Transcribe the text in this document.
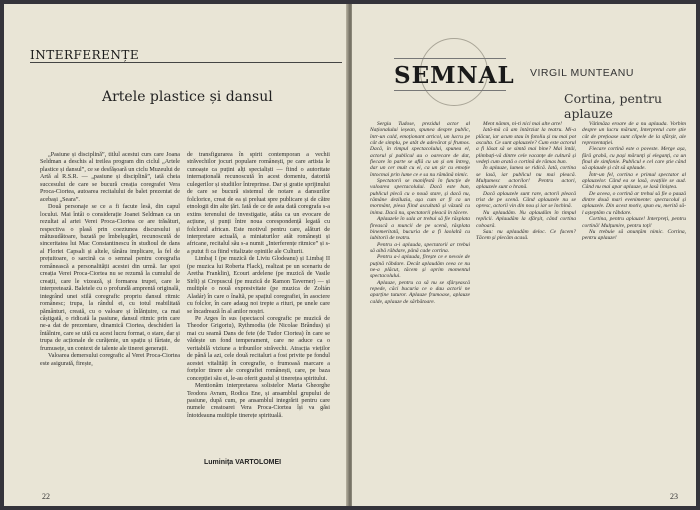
INTERFERENȚE
Artele plastice și dansul

„Pasiune și disciplină”, titlul acestui curs care Joana Seldman a deschis al treilea program din ciclul „Artele plastice și dansul”, ce se desfășoară un ciclu Muzeului de Artă al R.S.R. — „pasiune și disciplină”, iată cheia succesului de care se bucură creația coregrafei Vera Proca-Ciortea, autoarea recitalului de balet prezentat de acebași „Seara”.

Două personaje se ce a fi facute lesă, din capul locului. Mai întâi o considerație Joanei Seldman ca un rezultat al artei Verei Proca-Ciortea ce are trăsături, respectiva o plasă prin coeziunea discursului și mătusudătoare, bazată pe îmbelșugări, recunoscută de sinceritatea lui Mac Constantinescu în studioul de dans al Floriei Capsali și altele, tânăra implicare, la fel de prețuitoare, o sarcină ca o semnal pentru coregrafia românească a personalității acestei din urmă. Iar spoi creația Verei Proca-Ciortea nu se rezumă la cumulul de creații, care le vizează, și formarea trupei, care le interpretează. Baletele cu o profundă amprentă originală, integrând unei stilă coregrafic propriu dansul ritmic românesc; trupa, la rândul ei, cu totul reabilitată pământuri, creată, cu o valoare și înlănțuire, ca mai câștigată, o ridicată la pasiune, dansul ritmic prin care ne-a dat de prezentare, dinamică Ciortea, deschideri la întâlnire, care se uită cu acest lucru format, o stare, dar și trupa de acționale de curățenie, un spațiu și fârtate, de frumusețe, un context de talente ale tinerei generații.

Valoarea demersului coregrafic al Verei Proca-Ciortea este asigurată, firește,

de transfigurarea în spirit contemporan a vechii străvechilor jocuri populare românești, pe care artista le cunoaște ca puțini alți specialiști — fiind o autoritate internațională recunoscută în acest domeniu, datorită culegerilor și studiilor întreprinse. Dar și gratie sprijinului de care se bucură sistemul de notare a dansurilor folclorice, creat de ea și preluat spre publicare și de către etnologii din alte țări. Iată de ce de asta dată coregrafa s-a extins terenului de investigatie, atâta ca un evocare de acțiune, și punți între noua corespondență legată cu folclorul african. Este motivul pentru care, alături de interpretare actuală, a miniaturilor atât românești și africane, recitalul său s-a numit „Interferențe ritmice” și s-a putut fi ca fiind vitalizate opiniile ale Culturii.

Limbaj I (pe muzică de Liviu Glodeanu) și Limbaj II (pe muzica lui Roberta Flack), realizat pe un scenariu de Aretha Franklin), Ecouri ardelene (pe muzică de Vasile Sirli) și Crepuscul (pe muzică de Ramon Taverner) — și multiple o nouă expresivitate (pe muzica de Zoltán Aladár) în care o înaltă, pe spațiul coregrafiei, în asociere cu folclor, în care adaug noi trepte a rituri, pe unele care se încadrează în al anilor noștri.

Pe Arges în sus (spectacol coregrafic pe muzică de Theodor Grigoriu), Rythmodia (de Nicolae Brândus) și mai cu seamă Dans de fete (de Tudor Ciortea) în care se vădește un fond temperament, care ne aduce ca o veritabilă viziune a tribunilor străvechi. Atracția vieților de până la azi, cele două recitaluri a fost privite pe fondul acestei vitalități în coregrafie, o frumoasă marcare a forțelor tinere ale coregrafiei românești, care, pe baza concepției său ei, le-au oferit gustul și tinerețea spiritului.

Mentionăm interpretarea solistelor Maria Gheorghe Teodora Avram, Rodica Ene, și ansamblul grupului de pasiune, după cum, pe ansamblul integrării pentru care numele creatoarei Vera Proca-Ciortea își va găsi întotdeauna multiple tinerețe spirituală.

Luminița VARTOLOMEI
22
SEMNAL VIRGIL MUNTEANU
Cortina, pentru aplauze

Sergiu Tudose, prezidul actor al Naționalului ieșean, spunea despre public, într-un cald, emoționant articol, un lucru pe cât de simplu, pe atât de adevărat și frumos. Dacă, în timpul spectacolului, spunea el, actorul și publicul au o oarecare de dat, fiecare în parte se află cu un și om întreg, dar un cer mult cu ei, ca un șir cu emoție întocmai prin lume ce e sa nu rămână nimic.

Spectatorii se manifestă în funcție de valoarea spectacolului. Dacă este bun, publicul plecă cu o nouă stare, și dacă nu, rămâne deziluzia, așa cum ar fi ca un mormânt, piesa fiind ascultată și văzută cu inima. Dacă nu, spectatorii pleacă în tăcere.

Aplauzele în sala ar trebui să fie răsplata firească a muncii de pe scenă, răsplata binemeritată, bucuria de a fi laolaltă cu iubitorii de teatru.

Pentru a-i aplauda, spectatorii ar trebui să aibă răbdare, până cade cortina.

Pentru a-i aplauda, firește ce e nevoie de puțină răbdare. Decât aplaudăm ceea ce nu ne-a plăcut, tăcem și oprim momentul spectacolului.

Aplauze, pentru ca să nu se sfârșească repede, căci bucuria ce o dau actorii ne aparține tuturor. Aplauze frumoase, aplauze calde, aplauze de sărbătoare.

Ment nămm, ni-ti nici mai alte arte!

Iată-mă că am întârziat la teatru. Mi-a plăcut, iar acum stau în fotoliu și nu mai pot asculta. Ce sunt aplauzele? Cum este actorul a fi lăsat să se simtă mai bine? Mai întâi, plimbați-vă dintre cele vacanțe de cultură și vedeți cum arată o cortină de rămas bun.

În aplauze, lumea se ridică. Iată, cortina se lasă, iar publicul nu mai pleacă. Mulțumesc actorilor! Pentru actori, aplauzele sunt o hrană.

Dacă aplauzele sunt rare, actorii pleacă trist de pe scenă. Când aplauzele nu se opresc, actorii vin din nou și iar se închină.

Nu aplaudăm. Nu aplaudăm în timpul replicii. Aplaudăm la sfârșit, când cortina coboară.

Sau: nu aplaudăm deloc. Ce facem? Tăcem și plecăm acasă.

Vâtimăza eroare de a nu aplauda. Vorbim despre un lucru mărunt, Interpretul care știe cât de prețioase sunt clipele de la sfârșit, ale reprezentației.

Fiecare cortină este o poveste. Merge așa, fără grabă, cu pași mărunți și eleganți, ca un final de simfonie. Publicul e cel care știe când să aplaude și cât să aplaude.

Într-un fel, cortina e primul spectator al aplauzelor. Când ea se lasă, ovațiile se aud. Când nu mai apar aplauze, se lasă liniștea.

De aceea, o cortină ar trebui să fie o pauză dintre două mari evenimente: spectacolul și aplauzele. Din acest motiv, spun eu, merită să-l așteptăm cu răbdare.

Cortina, pentru aplauze! Interpreți, pentru cortină! Mulțumire, pentru toți!

Nu trebuie să anunțăm nimic. Cortina, pentru aplauze!

23
